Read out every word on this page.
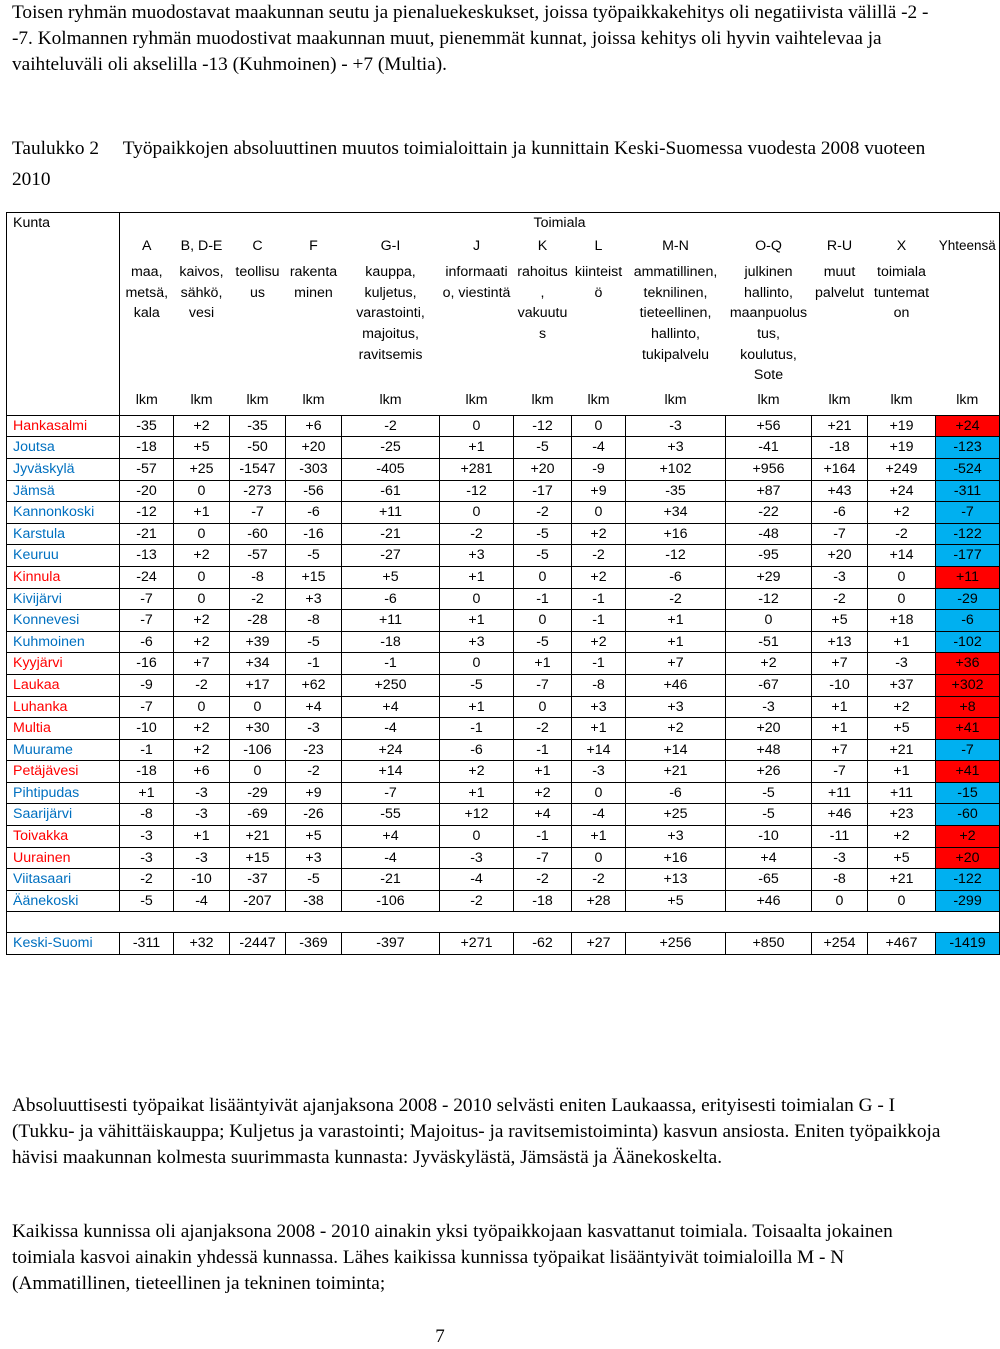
Toisen ryhmän muodostavat maakunnan seutu ja pienaluekeskukset, joissa työpaikkakehitys oli negatiivista välillä -2 - -7. Kolmannen ryhmän muodostivat maakunnan muut, pienemmät kunnat, joissa kehitys oli hyvin vaihtelevaa ja vaihteluväli oli akselilla -13 (Kuhmoinen) - +7 (Multia).

Taulukko 2 Työpaikkojen absoluuttinen muutos toimialoittain ja kunnittain Keski-Suomessa vuodesta 2008 vuoteen 2010
Kunta	Toimiala												
	A	B, D-E	C	F	G-I	J	K	L	M-N	O-Q	R-U	X	Yhteensä
	maa, metsä, kala	kaivos, sähkö, vesi	teollisuus	rakentaminen	kauppa, kuljetus, varastointi, majoitus, ravitsemis	informaatio, viestintä	rahoitus, vakuutus	kiinteistö	ammatillinen, teknilinen, tieteellinen, hallinto, tukipalvelu	julkinen hallinto, maanpuolustus, koulutus, Sote	muut palvelut	toimiala tuntematon	
	lkm	lkm	lkm	lkm	lkm	lkm	lkm	lkm	lkm	lkm	lkm	lkm	lkm
Hankasalmi	-35	+2	-35	+6	-2	0	-12	0	-3	+56	+21	+19	+24
Joutsa	-18	+5	-50	+20	-25	+1	-5	-4	+3	-41	-18	+19	-123
Jyväskylä	-57	+25	-1547	-303	-405	+281	+20	-9	+102	+956	+164	+249	-524
Jämsä	-20	0	-273	-56	-61	-12	-17	+9	-35	+87	+43	+24	-311
Kannonkoski	-12	+1	-7	-6	+11	0	-2	0	+34	-22	-6	+2	-7
Karstula	-21	0	-60	-16	-21	-2	-5	+2	+16	-48	-7	-2	-122
Keuruu	-13	+2	-57	-5	-27	+3	-5	-2	-12	-95	+20	+14	-177
Kinnula	-24	0	-8	+15	+5	+1	0	+2	-6	+29	-3	0	+11
Kivijärvi	-7	0	-2	+3	-6	0	-1	-1	-2	-12	-2	0	-29
Konnevesi	-7	+2	-28	-8	+11	+1	0	-1	+1	0	+5	+18	-6
Kuhmoinen	-6	+2	+39	-5	-18	+3	-5	+2	+1	-51	+13	+1	-102
Kyyjärvi	-16	+7	+34	-1	-1	0	+1	-1	+7	+2	+7	-3	+36
Laukaa	-9	-2	+17	+62	+250	-5	-7	-8	+46	-67	-10	+37	+302
Luhanka	-7	0	0	+4	+4	+1	0	+3	+3	-3	+1	+2	+8
Multia	-10	+2	+30	-3	-4	-1	-2	+1	+2	+20	+1	+5	+41
Muurame	-1	+2	-106	-23	+24	-6	-1	+14	+14	+48	+7	+21	-7
Petäjävesi	-18	+6	0	-2	+14	+2	+1	-3	+21	+26	-7	+1	+41
Pihtipudas	+1	-3	-29	+9	-7	+1	+2	0	-6	-5	+11	+11	-15
Saarijärvi	-8	-3	-69	-26	-55	+12	+4	-4	+25	-5	+46	+23	-60
Toivakka	-3	+1	+21	+5	+4	0	-1	+1	+3	-10	-11	+2	+2
Uurainen	-3	-3	+15	+3	-4	-3	-7	0	+16	+4	-3	+5	+20
Viitasaari	-2	-10	-37	-5	-21	-4	-2	-2	+13	-65	-8	+21	-122
Äänekoski	-5	-4	-207	-38	-106	-2	-18	+28	+5	+46	0	0	-299

Keski-Suomi	-311	+32	-2447	-369	-397	+271	-62	+27	+256	+850	+254	+467	-1419

Absoluuttisesti työpaikat lisääntyivät ajanjaksona 2008 - 2010 selvästi eniten Laukaassa, erityisesti toimialan G - I (Tukku- ja vähittäiskauppa; Kuljetus ja varastointi; Majoitus- ja ravitsemistoiminta) kasvun ansiosta. Eniten työpaikkoja hävisi maakunnan kolmesta suurimmasta kunnasta: Jyväskylästä, Jämsästä ja Äänekoskelta.

Kaikissa kunnissa oli ajanjaksona 2008 - 2010 ainakin yksi työpaikkojaan kasvattanut toimiala. Toisaalta jokainen toimiala kasvoi ainakin yhdessä kunnassa. Lähes kaikissa kunnissa työpaikat lisääntyivät toimialoilla M - N (Ammatillinen, tieteellinen ja tekninen toiminta;

7
